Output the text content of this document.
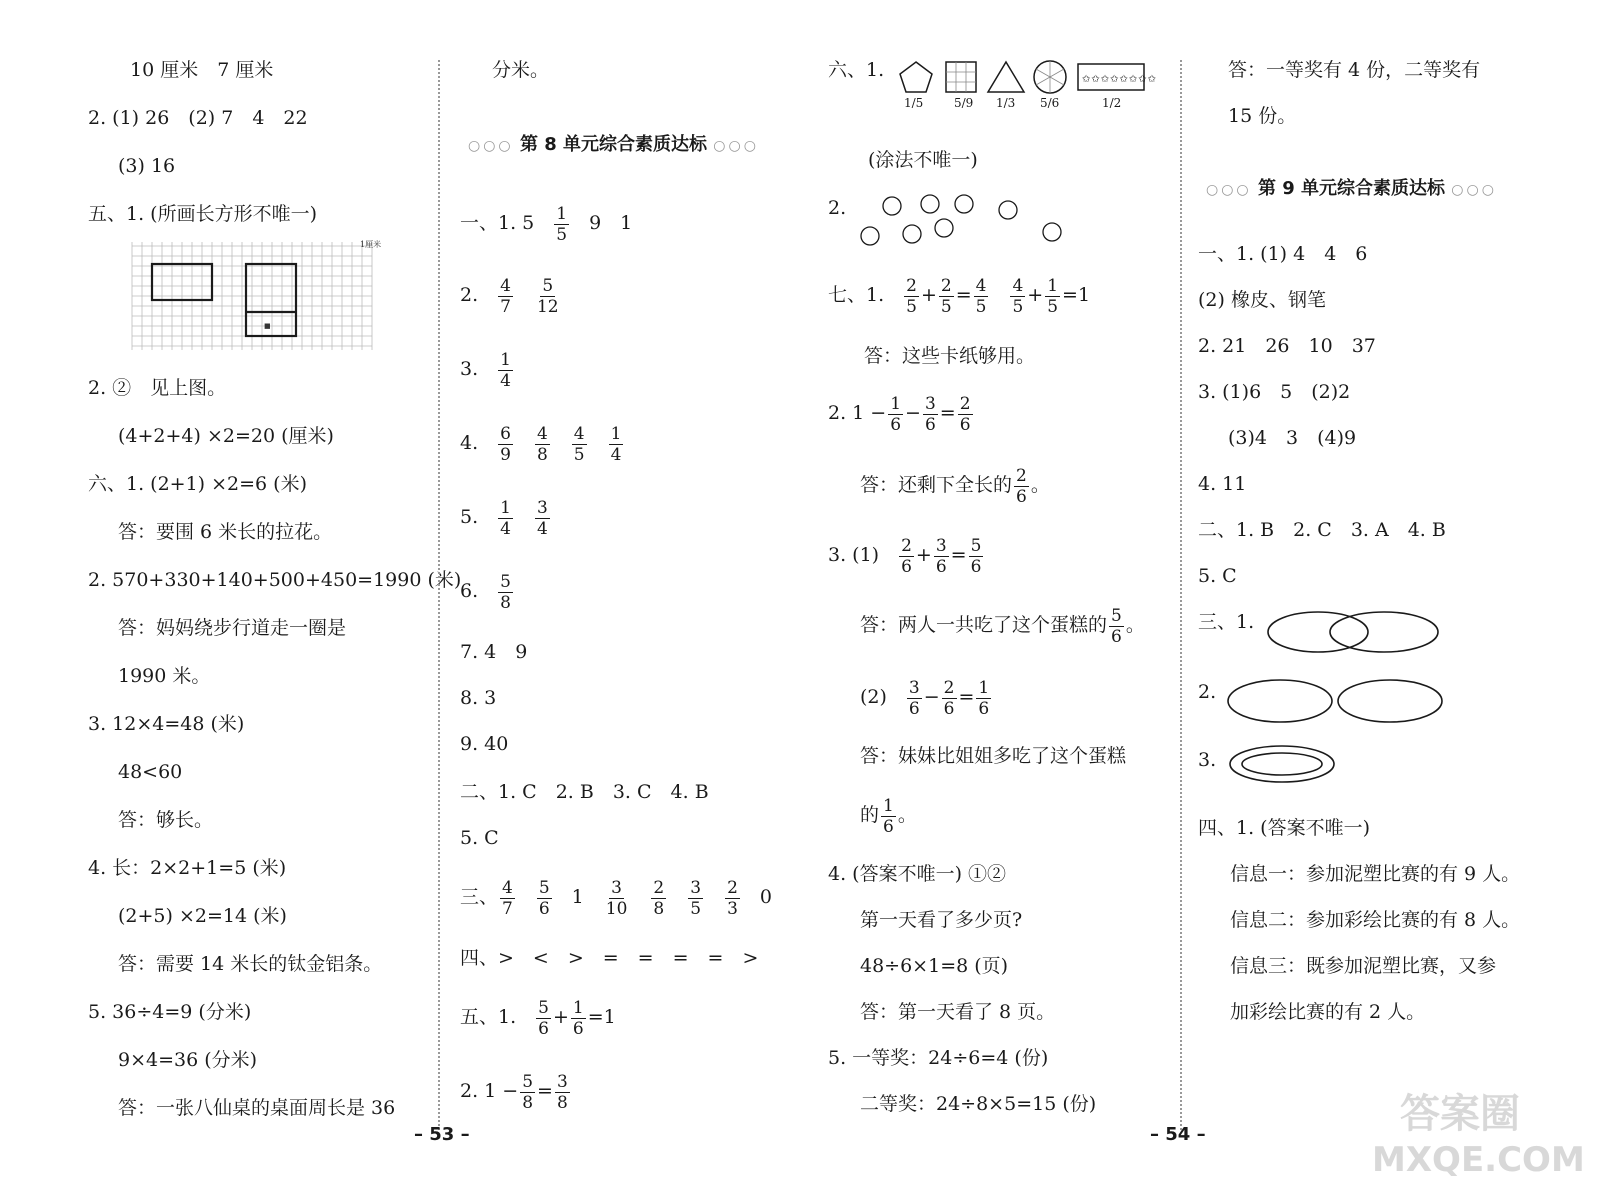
10 厘米　7 厘米
2. (1) 26　(2) 7　4　22
(3) 16
五、1. (所画长方形不唯一)
■
1厘米
2. ②　见上图。
(4+2+4) ×2=20 (厘米)
六、1. (2+1) ×2=6 (米)
答：要围 6 米长的拉花。
2. 570+330+140+500+450=1990 (米)
答：妈妈绕步行道走一圈是
1990 米。
3. 12×4=48 (米)
48<60
答：够长。
4. 长：2×2+1=5 (米)
(2+5) ×2=14 (米)
答：需要 14 米长的钛金铝条。
5. 36÷4=9 (分米)
9×4=36 (分米)
答：一张八仙桌的桌面周长是 36
分米。
○○○ 第 8 单元综合素质达标 ○○○
一、1. $5 \frac{1}{5} 9$　1
2. $\frac{4}{7} \frac{5}{12}$
3. $\frac{1}{4}$
4. $\frac{6}{9} \frac{4}{8} \frac{4}{5} \frac{1}{4}$
5. $\frac{1}{4} \frac{3}{4}$
6. $\frac{5}{8}$
7. 4　9
8. 3
9. 40
二、1. C　2. B　3. C　4. B
5. C
三、 $\frac{4}{7} \frac{5}{6} 1 \frac{3}{10} \frac{2}{8} \frac{3}{5} \frac{2}{3} 0$
四、>　<　>　=　=　=　=　>
五、1. $\frac{5}{6} + \frac{1}{6} =1$
2. $1 - \frac{5}{8} = \frac{3}{8}$
– 53 –
六、1.	✩✩✩✩✩✩✩✩
1/5	5/9 1/3 5/6	1/2
(涂法不唯一)
2.
七、1. $\frac{2}{5} + \frac{2}{5} = \frac{4}{5} \frac{4}{5} + \frac{1}{5} =1$
答：这些卡纸够用。
2. $1 - \frac{1}{6} - \frac{3}{6} = \frac{2}{6}$
答：还剩下全长的 $\frac{2}{6}$ 。
3. $(1) \frac{2}{6} + \frac{3}{6} = \frac{5}{6}$
答：两人一共吃了这个蛋糕的 $\frac{5}{6}$ 。
$(2) \frac{3}{6} - \frac{2}{6} = \frac{1}{6}$
答：妹妹比姐姐多吃了这个蛋糕
的 $\frac{1}{6}$ 。
4. (答案不唯一) ①②
第一天看了多少页?
48÷6×1=8 (页)
答：第一天看了 8 页。
5. 一等奖：24÷6=4 (份)
二等奖：24÷8×5=15 (份)
答：一等奖有 4 份，二等奖有
15 份。
○○○ 第 9 单元综合素质达标 ○○○
一、1. (1) 4　4　6
(2) 橡皮、钢笔
2. 21　26　10　37
3. (1)6　5　(2)2
(3)4　3　(4)9
4. 11
二、1. B　2. C　3. A　4. B
5. C
三、1.
2.
3.
四、1. (答案不唯一)
信息一：参加泥塑比赛的有 9 人。
信息二：参加彩绘比赛的有 8 人。
信息三：既参加泥塑比赛，又参
加彩绘比赛的有 2 人。
– 54 –	答案圈
MXQE.COM
